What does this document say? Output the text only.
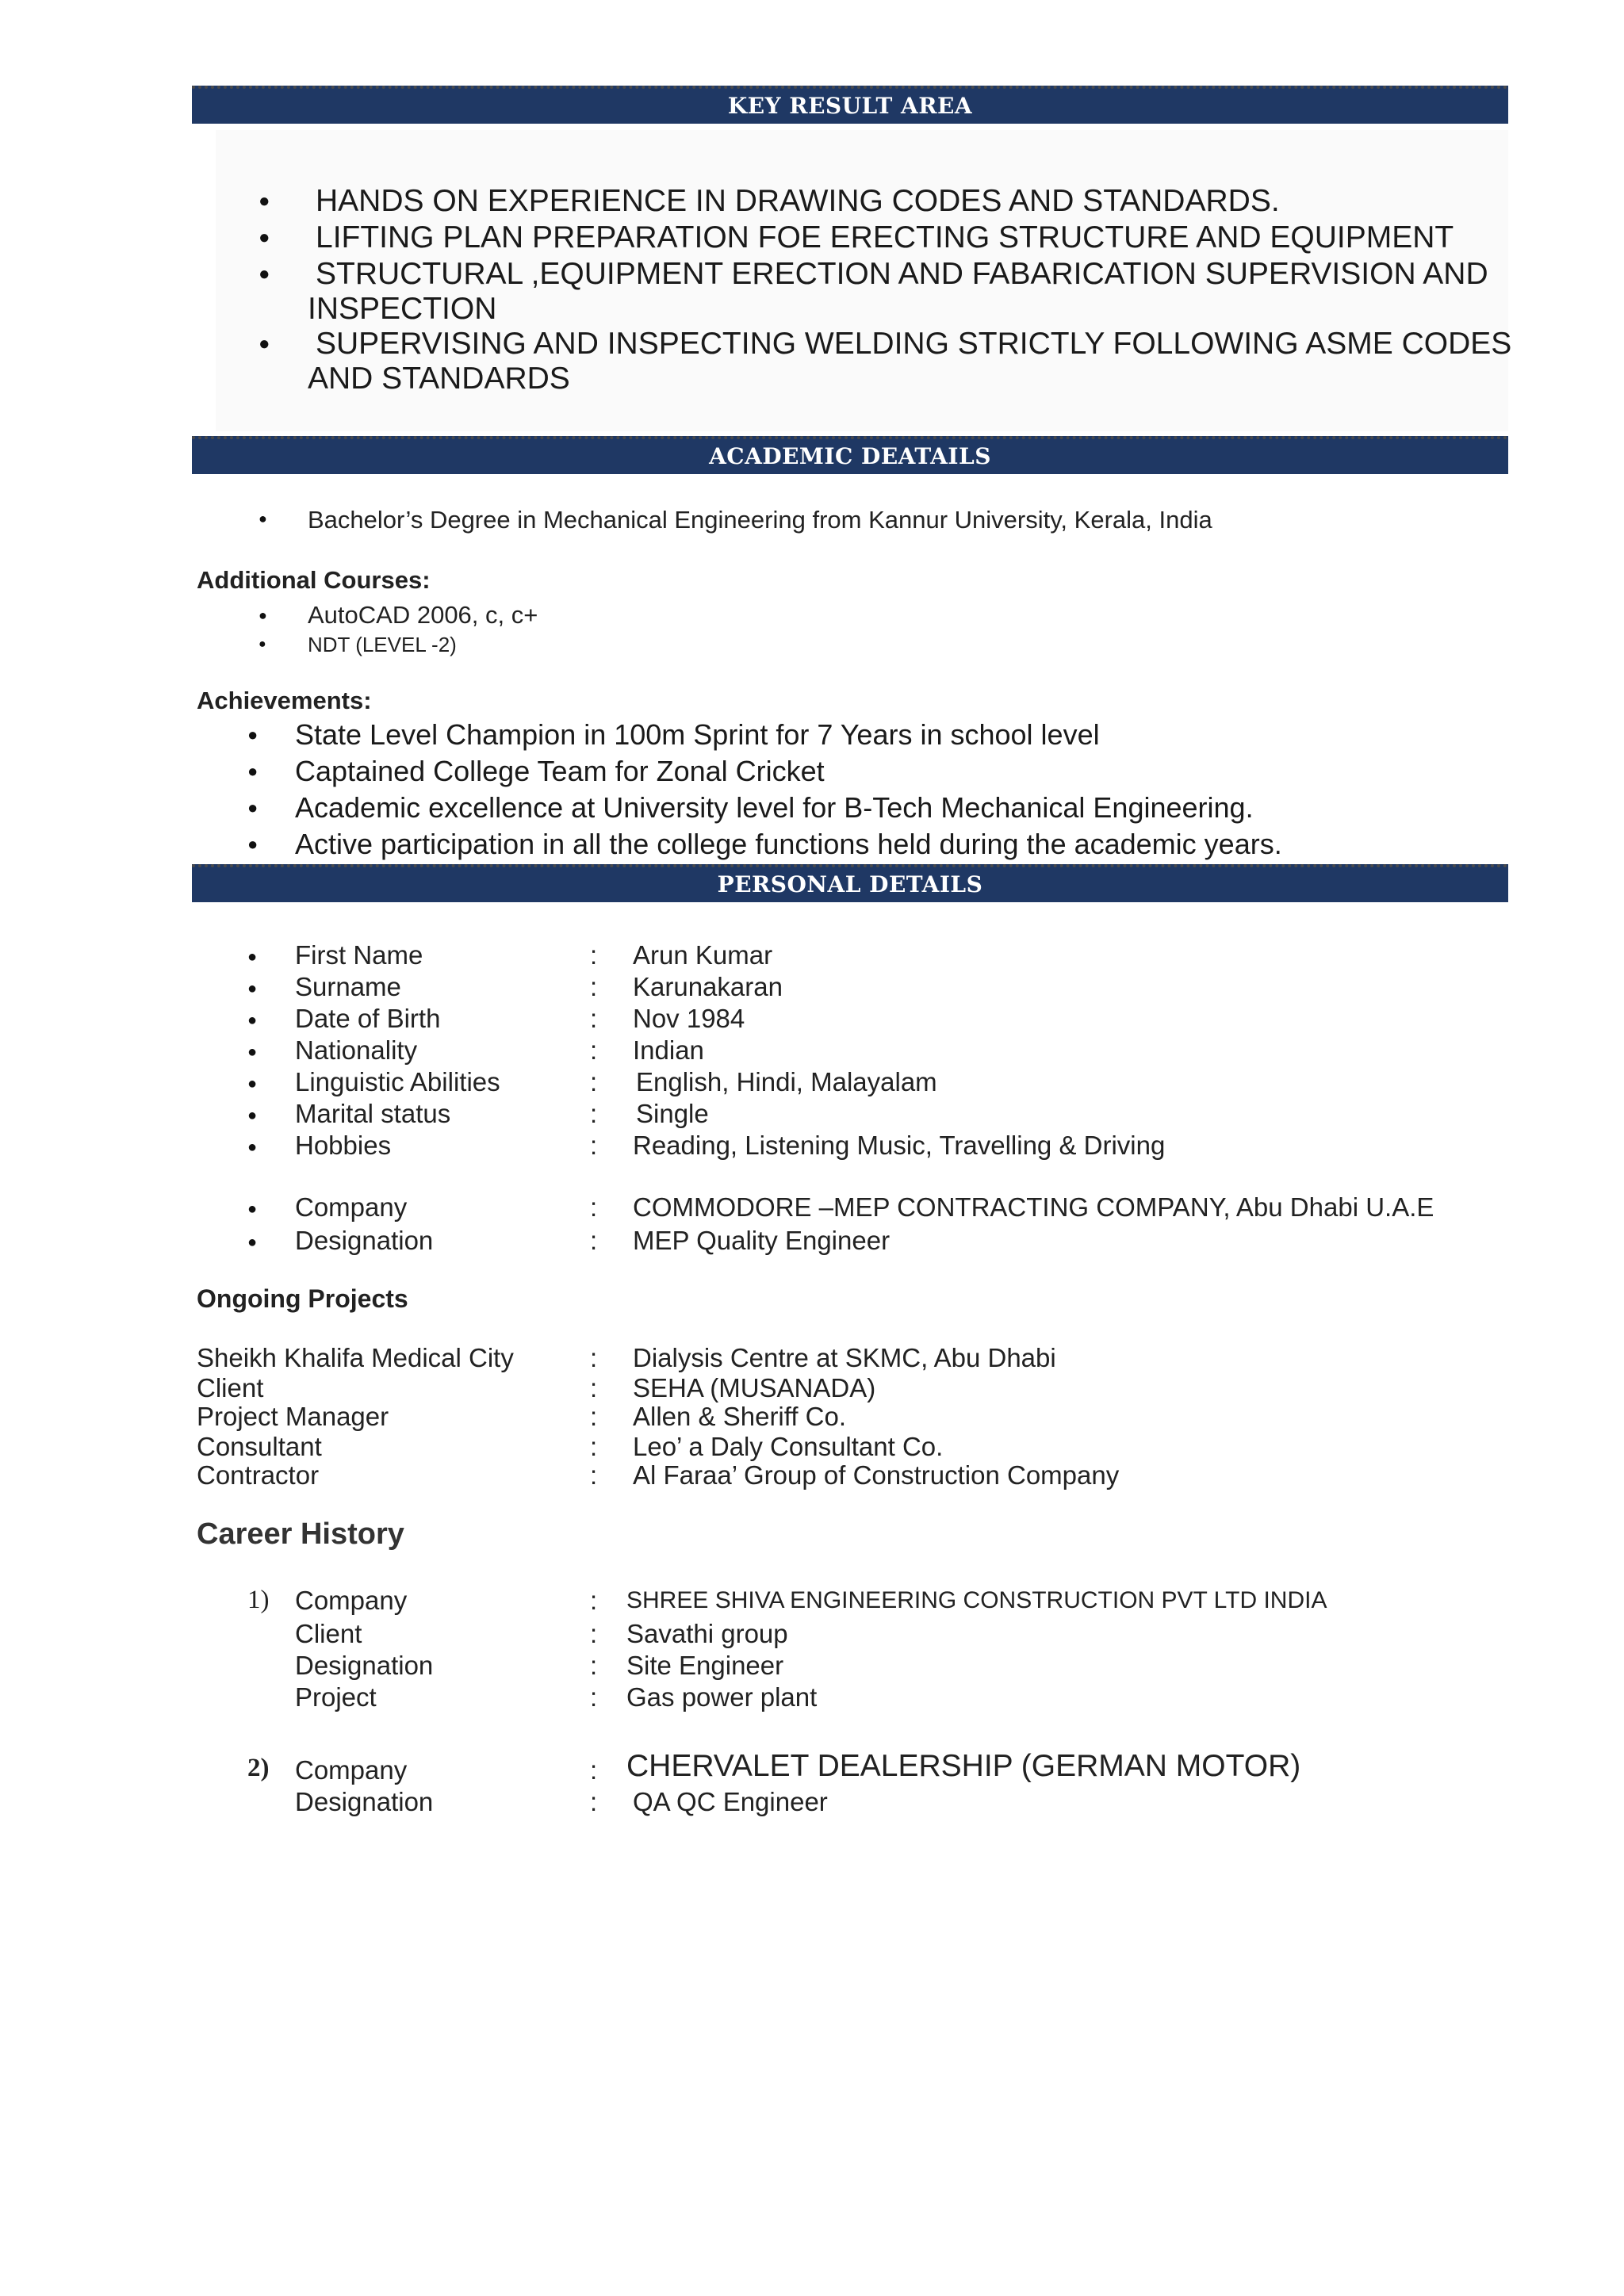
KEY RESULT AREA
● HANDS ON EXPERIENCE IN DRAWING CODES AND STANDARDS.
● LIFTING PLAN PREPARATION FOE ERECTING STRUCTURE AND EQUIPMENT
● STRUCTURAL ,EQUIPMENT ERECTION AND FABARICATION SUPERVISION AND
INSPECTION
● SUPERVISING AND INSPECTING WELDING STRICTLY FOLLOWING ASME CODES
AND STANDARDS
ACADEMIC DEATAILS
● Bachelor’s Degree in Mechanical Engineering from Kannur University, Kerala, India
Additional Courses:
● AutoCAD 2006, c, c+
● NDT (LEVEL -2)
Achievements:
● State Level Champion in 100m Sprint for 7 Years in school level
● Captained College Team for Zonal Cricket
● Academic excellence at University level for B-Tech Mechanical Engineering.
● Active participation in all the college functions held during the academic years.
PERSONAL DETAILS
● First Name	: Arun Kumar
● Surname	: Karunakaran
● Date of Birth	: Nov 1984
● Nationality	: Indian
● Linguistic Abilities	: English, Hindi, Malayalam
● Marital status	: Single
● Hobbies	: Reading, Listening Music, Travelling & Driving
● Company	: COMMODORE –MEP CONTRACTING COMPANY, Abu Dhabi U.A.E
● Designation	: MEP Quality Engineer
Ongoing Projects
Sheikh Khalifa Medical City	: Dialysis Centre at SKMC, Abu Dhabi
Client	: SEHA (MUSANADA)
Project Manager	: Allen & Sheriff Co.
Consultant	: Leo’ a Daly Consultant Co.
Contractor	: Al Faraa’ Group of Construction Company
Career History
1) Company	: SHREE SHIVA ENGINEERING CONSTRUCTION PVT LTD INDIA
Client	: Savathi group
Designation	: Site Engineer
Project	: Gas power plant
2) Company	: CHERVALET DEALERSHIP (GERMAN MOTOR)
Designation	: QA QC Engineer
